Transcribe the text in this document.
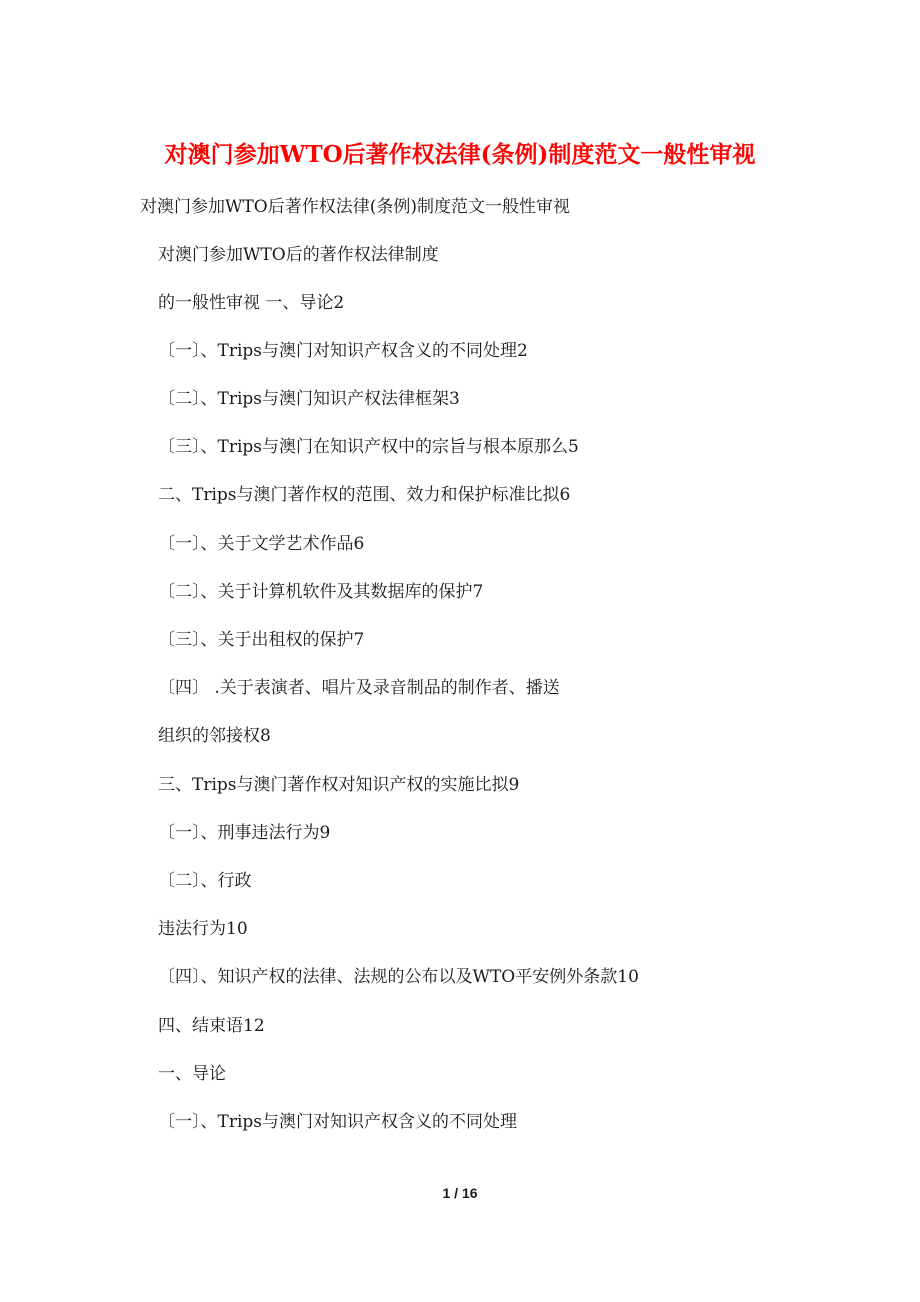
对澳门参加WTO后著作权法律(条例)制度范文一般性审视
对澳门参加WTO后著作权法律(条例)制度范文一般性审视
对澳门参加WTO后的著作权法律制度
的一般性审视 一、导论2
〔一〕、Trips与澳门对知识产权含义的不同处理2
〔二〕、Trips与澳门知识产权法律框架3
〔三〕、Trips与澳门在知识产权中的宗旨与根本原那么5
二、Trips与澳门著作权的范围、效力和保护标准比拟6
〔一〕、关于文学艺术作品6
〔二〕、关于计算机软件及其数据库的保护7
〔三〕、关于出租权的保护7
〔四〕 .关于表演者、唱片及录音制品的制作者、播送
组织的邻接权8
三、Trips与澳门著作权对知识产权的实施比拟9
〔一〕、刑事违法行为9
〔二〕、行政
违法行为10
〔四〕、知识产权的法律、法规的公布以及WTO平安例外条款10
四、结束语12
一、导论
〔一〕、Trips与澳门对知识产权含义的不同处理
1 / 16
